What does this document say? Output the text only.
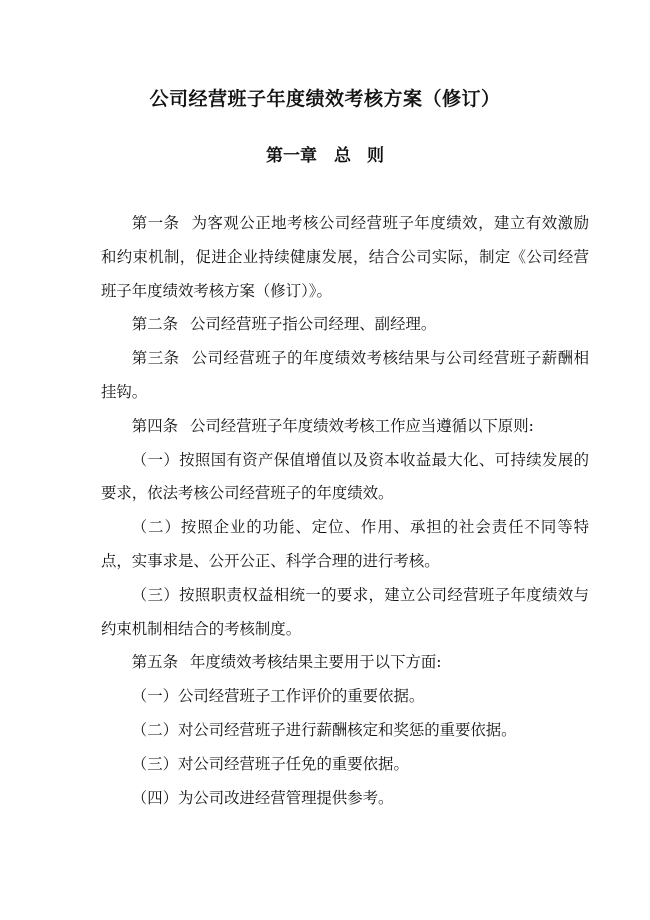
公司经营班子年度绩效考核方案（修订）
第一章　总 则

第一条 为客观公正地考核公司经营班子年度绩效，建立有效激励和约束机制，促进企业持续健康发展，结合公司实际，制定《公司经营班子年度绩效考核方案（修订）》。

第二条 公司经营班子指公司经理、副经理。

第三条 公司经营班子的年度绩效考核结果与公司经营班子薪酬相挂钩。

第四条 公司经营班子年度绩效考核工作应当遵循以下原则:

（一）按照国有资产保值增值以及资本收益最大化、可持续发展的要求，依法考核公司经营班子的年度绩效。

（二）按照企业的功能、定位、作用、承担的社会责任不同等特点，实事求是、公开公正、科学合理的进行考核。

（三）按照职责权益相统一的要求，建立公司经营班子年度绩效与约束机制相结合的考核制度。

第五条 年度绩效考核结果主要用于以下方面:

（一）公司经营班子工作评价的重要依据。

（二）对公司经营班子进行薪酬核定和奖惩的重要依据。

（三）对公司经营班子任免的重要依据。

（四）为公司改进经营管理提供参考。
